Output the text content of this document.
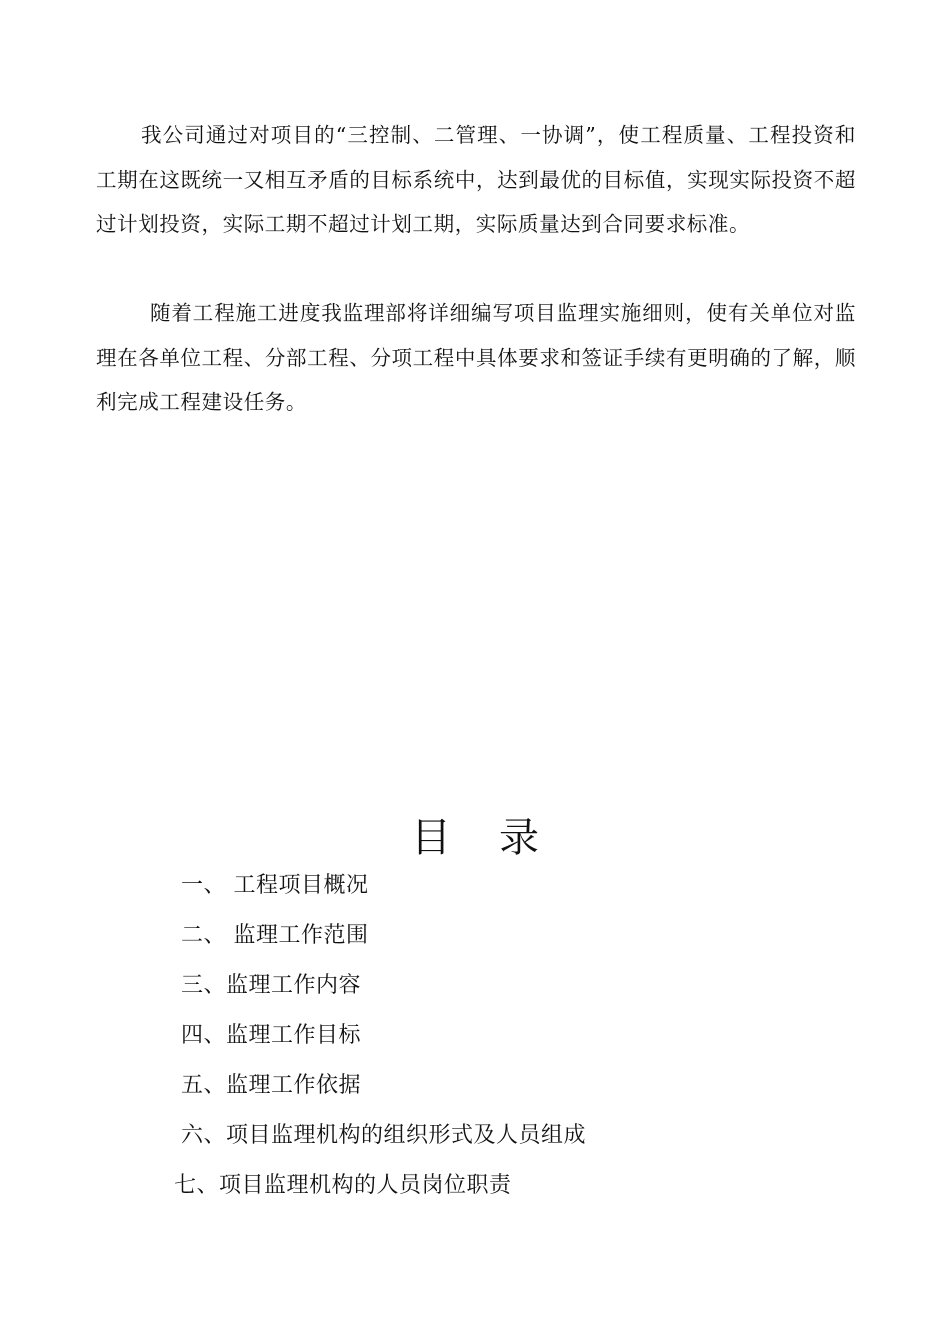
我公司通过对项目的“三控制、二管理、一协调”，使工程质量、工程投资和工期在这既统一又相互矛盾的目标系统中，达到最优的目标值，实现实际投资不超过计划投资，实际工期不超过计划工期，实际质量达到合同要求标准。

随着工程施工进度我监理部将详细编写项目监理实施细则，使有关单位对监理在各单位工程、分部工程、分项工程中具体要求和签证手续有更明确的了解，顺利完成工程建设任务。

目录
一、 工程项目概况
二、 监理工作范围
三、监理工作内容
四、监理工作目标
五、监理工作依据
六、项目监理机构的组织形式及人员组成
七、项目监理机构的人员岗位职责
